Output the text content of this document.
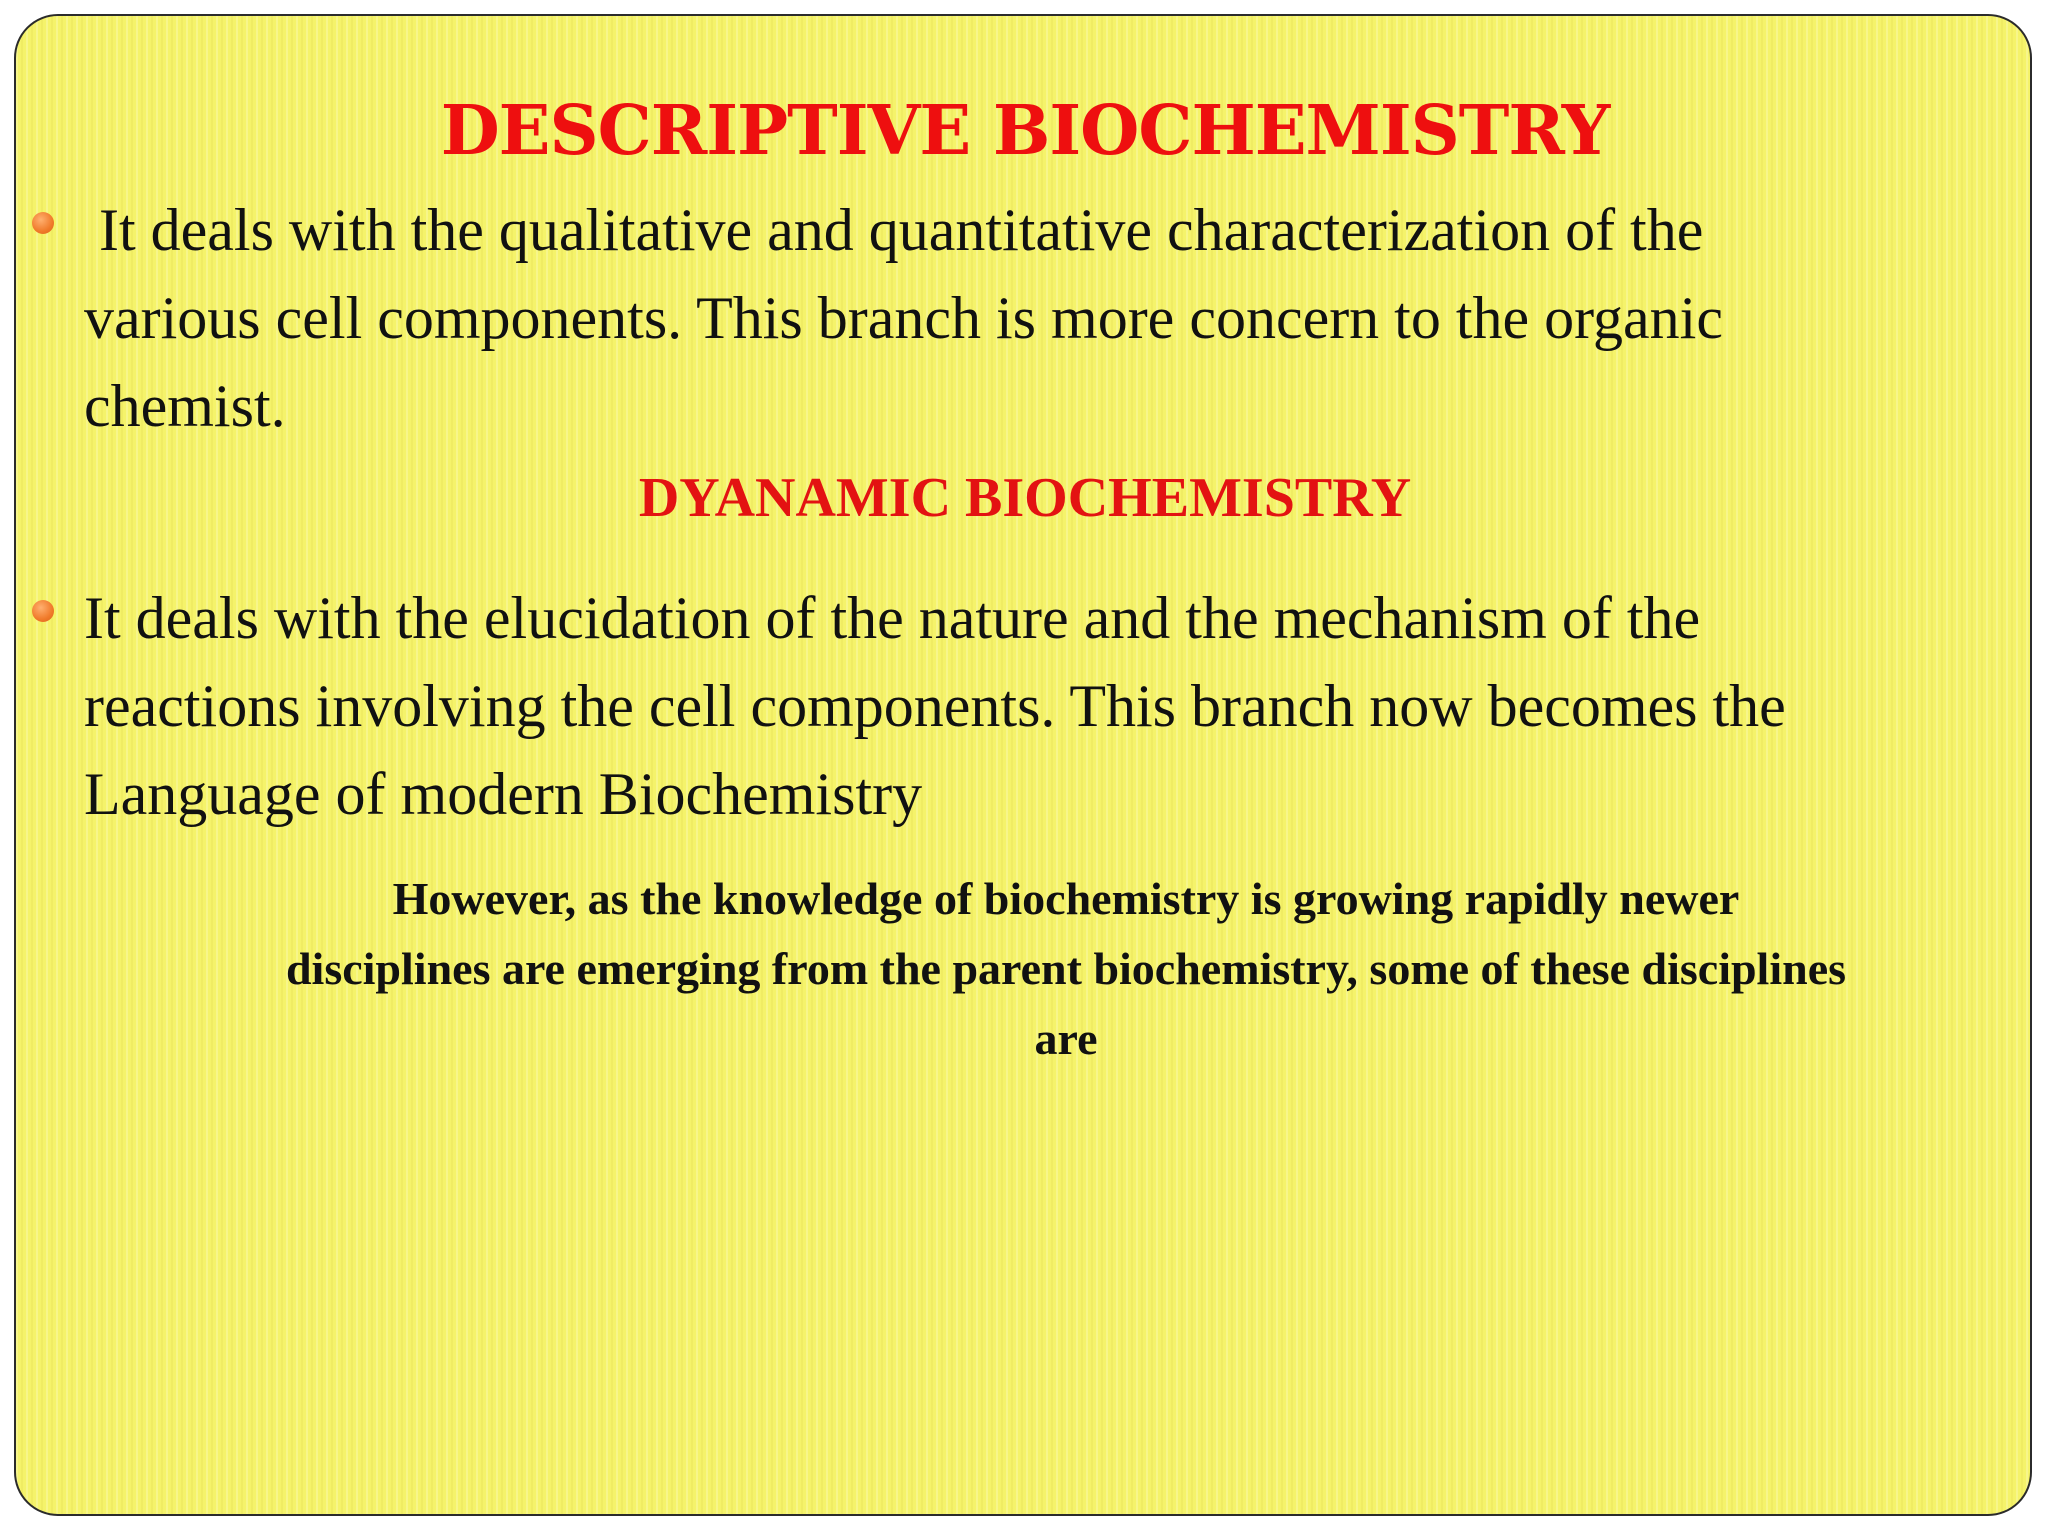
DESCRIPTIVE BIOCHEMISTRY

It deals with the qualitative and quantitative characterization of the
various cell components. This branch is more concern to the organic
chemist.

DYANAMIC BIOCHEMISTRY

It deals with the elucidation of the nature and the mechanism of the
reactions involving the cell components. This branch now becomes the
Language of modern Biochemistry

However, as the knowledge of biochemistry is growing rapidly newer
disciplines are emerging from the parent biochemistry, some of these disciplines
are
